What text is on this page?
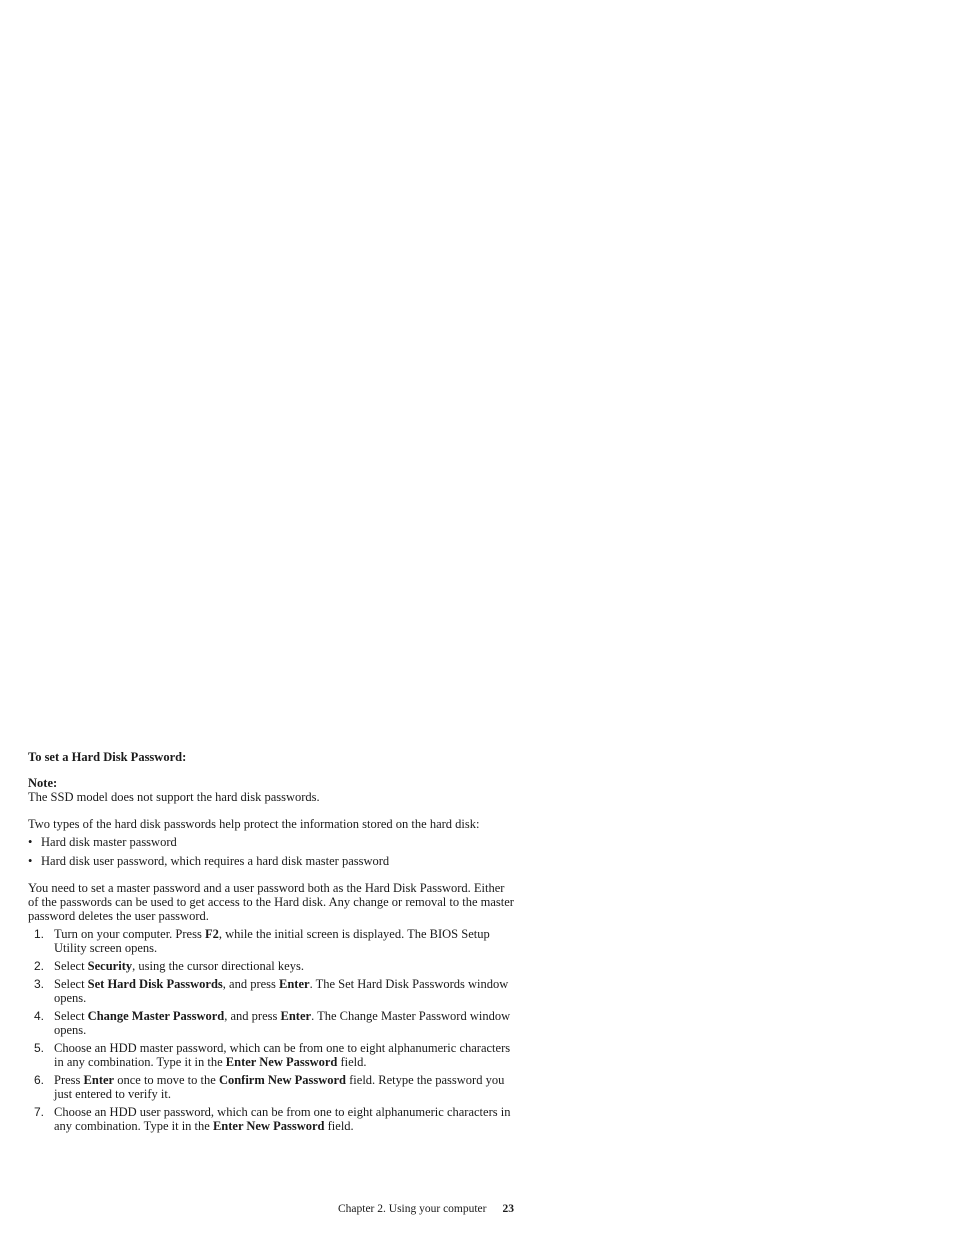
To set a Hard Disk Password:

Note:

The SSD model does not support the hard disk passwords.

Two types of the hard disk passwords help protect the information stored on the hard disk:

• Hard disk master password
• Hard disk user password, which requires a hard disk master password

You need to set a master password and a user password both as the Hard Disk Password. Either of the passwords can be used to get access to the Hard disk. Any change or removal to the master password deletes the user password.

1. Turn on your computer. Press F2, while the initial screen is displayed. The BIOS Setup Utility screen opens.
2. Select Security, using the cursor directional keys.
3. Select Set Hard Disk Passwords, and press Enter. The Set Hard Disk Passwords window opens.
4. Select Change Master Password, and press Enter. The Change Master Password window opens.
5. Choose an HDD master password, which can be from one to eight alphanumeric characters in any combination. Type it in the Enter New Password field.
6. Press Enter once to move to the Confirm New Password field. Retype the password you just entered to verify it.
7. Choose an HDD user password, which can be from one to eight alphanumeric characters in any combination. Type it in the Enter New Password field.
Chapter 2. Using your computer 23
